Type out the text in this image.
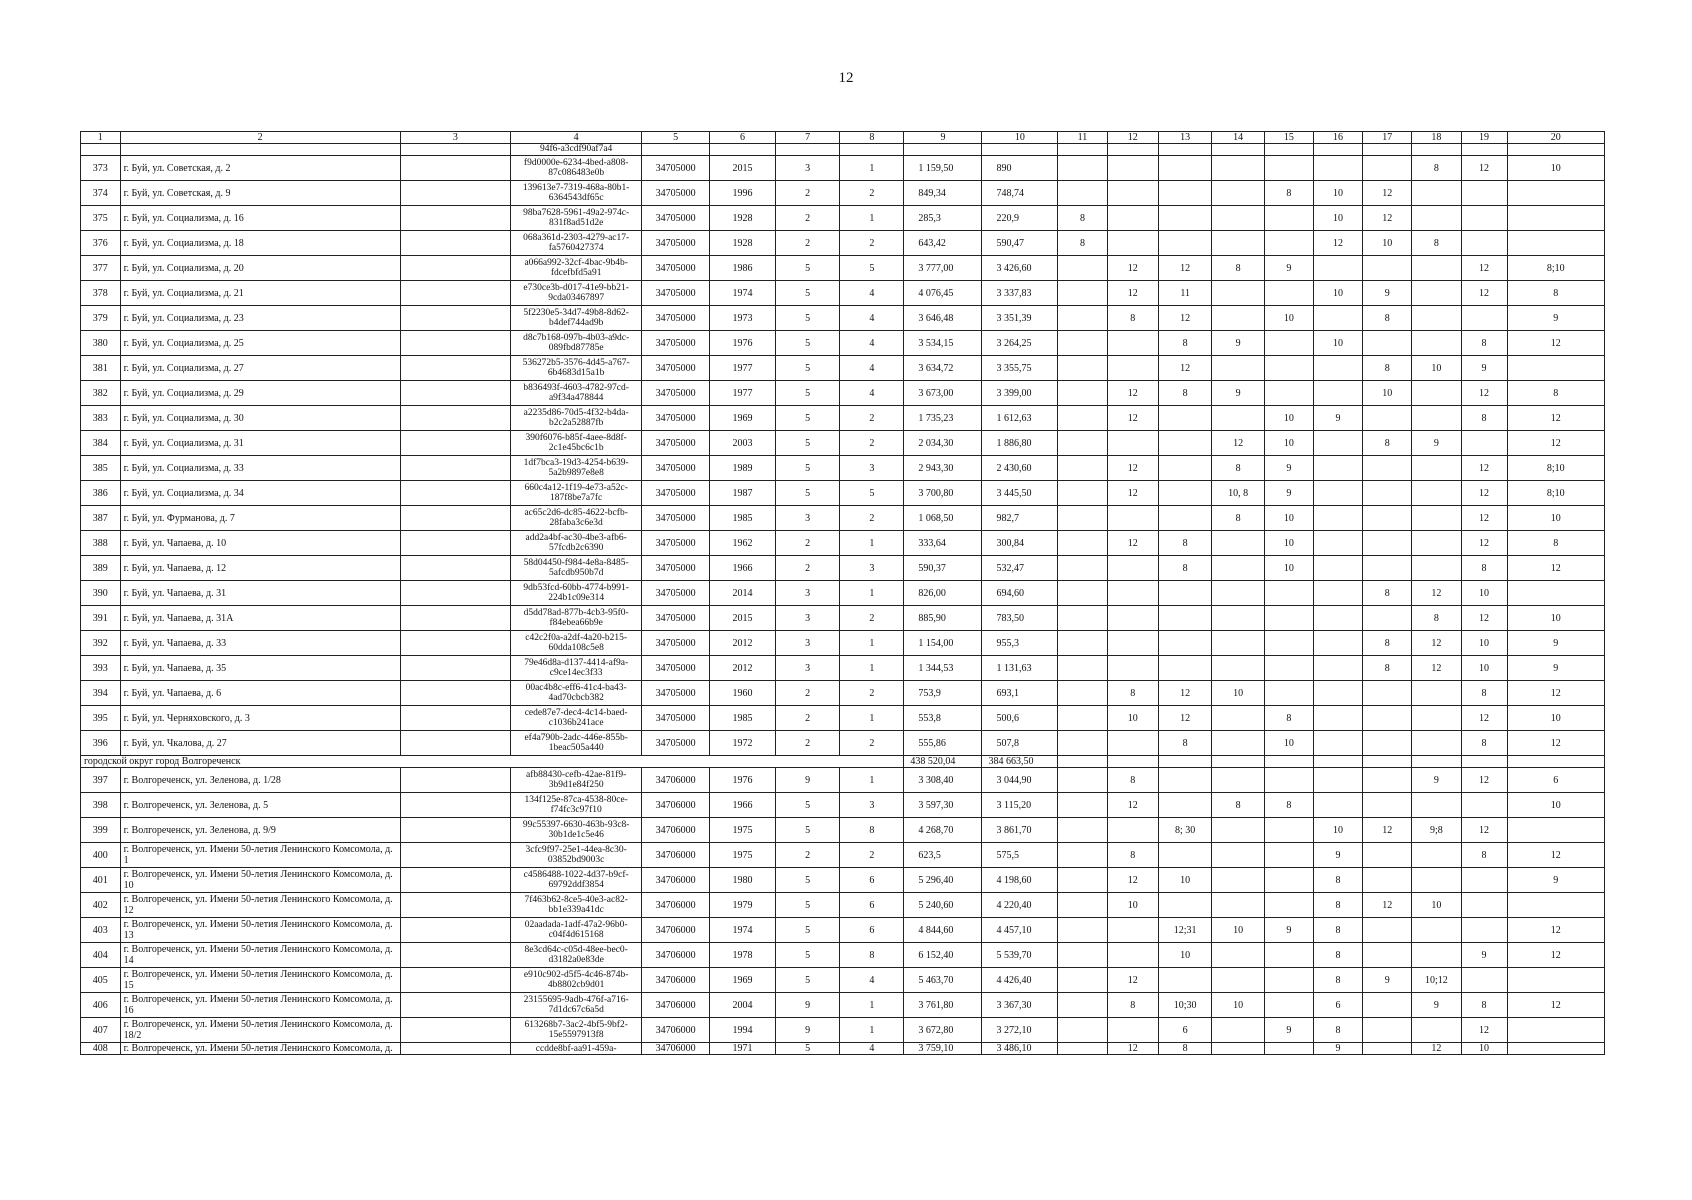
12
1	2	3	4	5	6	7	8	9	10	11	12	13	14	15	16	17	18	19	20
			94f6-a3cdf90af7a4																
373	г. Буй, ул. Советская, д. 2		f9d0000e-6234-4bed-a808-87c086483e0b	34705000	2015	3	1	1 159,50	890								8	12	10
374	г. Буй, ул. Советская, д. 9		139613e7-7319-468a-80b1-6364543df65c	34705000	1996	2	2	849,34	748,74					8	10	12			
375	г. Буй, ул. Социализма, д. 16		98ba7628-5961-49a2-974c-831f8ad51d2e	34705000	1928	2	1	285,3	220,9	8					10	12			
376	г. Буй, ул. Социализма, д. 18		068a361d-2303-4279-ac17-fa5760427374	34705000	1928	2	2	643,42	590,47	8					12	10	8		
377	г. Буй, ул. Социализма, д. 20		a066a992-32cf-4bac-9b4b-fdcefbfd5a91	34705000	1986	5	5	3 777,00	3 426,60		12	12	8	9				12	8;10
378	г. Буй, ул. Социализма, д. 21		e730ce3b-d017-41e9-bb21-9cda03467897	34705000	1974	5	4	4 076,45	3 337,83		12	11			10	9		12	8
379	г. Буй, ул. Социализма, д. 23		5f2230e5-34d7-49b8-8d62-b4def744ad9b	34705000	1973	5	4	3 646,48	3 351,39		8	12		10		8			9
380	г. Буй, ул. Социализма, д. 25		d8c7b168-097b-4b03-a9dc-089fbd87785e	34705000	1976	5	4	3 534,15	3 264,25			8	9		10			8	12
381	г. Буй, ул. Социализма, д. 27		536272b5-3576-4d45-a767-6b4683d15a1b	34705000	1977	5	4	3 634,72	3 355,75			12				8	10	9	
382	г. Буй, ул. Социализма, д. 29		b836493f-4603-4782-97cd-a9f34a478844	34705000	1977	5	4	3 673,00	3 399,00		12	8	9			10		12	8
383	г. Буй, ул. Социализма, д. 30		a2235d86-70d5-4f32-b4da-b2c2a52887fb	34705000	1969	5	2	1 735,23	1 612,63		12			10	9			8	12
384	г. Буй, ул. Социализма, д. 31		390f6076-b85f-4aee-8d8f-2c1e45bc6c1b	34705000	2003	5	2	2 034,30	1 886,80				12	10		8	9		12
385	г. Буй, ул. Социализма, д. 33		1df7bca3-19d3-4254-b639-5a2b9897e8e8	34705000	1989	5	3	2 943,30	2 430,60		12		8	9				12	8;10
386	г. Буй, ул. Социализма, д. 34		660c4a12-1f19-4e73-a52c-187f8be7a7fc	34705000	1987	5	5	3 700,80	3 445,50		12		10, 8	9				12	8;10
387	г. Буй, ул. Фурманова, д. 7		ac65c2d6-dc85-4622-bcfb-28faba3c6e3d	34705000	1985	3	2	1 068,50	982,7				8	10				12	10
388	г. Буй, ул. Чапаева, д. 10		add2a4bf-ac30-4be3-afb6-57fcdb2c6390	34705000	1962	2	1	333,64	300,84		12	8		10				12	8
389	г. Буй, ул. Чапаева, д. 12		58d04450-f984-4e8a-8485-5afcdb950b7d	34705000	1966	2	3	590,37	532,47			8		10				8	12
390	г. Буй, ул. Чапаева, д. 31		9db53fcd-60bb-4774-b991-224b1c09e314	34705000	2014	3	1	826,00	694,60							8	12	10	
391	г. Буй, ул. Чапаева, д. 31А		d5dd78ad-877b-4cb3-95f0-f84ebea66b9e	34705000	2015	3	2	885,90	783,50								8	12	10
392	г. Буй, ул. Чапаева, д. 33		c42c2f0a-a2df-4a20-b215-60dda108c5e8	34705000	2012	3	1	1 154,00	955,3							8	12	10	9
393	г. Буй, ул. Чапаева, д. 35		79e46d8a-d137-4414-af9a-c9ce14ec3f33	34705000	2012	3	1	1 344,53	1 131,63							8	12	10	9
394	г. Буй, ул. Чапаева, д. 6		00ac4b8c-eff6-41c4-ba43-4ad70cbcb382	34705000	1960	2	2	753,9	693,1		8	12	10					8	12
395	г. Буй, ул. Черняховского, д. 3		cede87e7-dec4-4c14-baed-c1036b241ace	34705000	1985	2	1	553,8	500,6		10	12		8				12	10
396	г. Буй, ул. Чкалова, д. 27		ef4a790b-2adc-446e-855b-1beac505a440	34705000	1972	2	2	555,86	507,8			8		10				8	12
городской округ город Волгореченск								438 520,04	384 663,50										
397	г. Волгореченск, ул. Зеленова, д. 1/28		afb88430-cefb-42ae-81f9-3b9d1e84f250	34706000	1976	9	1	3 308,40	3 044,90		8						9	12	6
398	г. Волгореченск, ул. Зеленова, д. 5		134f125e-87ca-4538-80ce-f74fc3c97f10	34706000	1966	5	3	3 597,30	3 115,20		12		8	8					10
399	г. Волгореченск, ул. Зеленова, д. 9/9		99c55397-6630-463b-93c8-30b1de1c5e46	34706000	1975	5	8	4 268,70	3 861,70			8; 30			10	12	9;8	12	
400	г. Волгореченск, ул. Имени 50-летия Ленинского Комсомола, д. 1		3cfc9f97-25e1-44ea-8c30-03852bd9003c	34706000	1975	2	2	623,5	575,5		8				9			8	12
401	г. Волгореченск, ул. Имени 50-летия Ленинского Комсомола, д. 10		c4586488-1022-4d37-b9cf-69792ddf3854	34706000	1980	5	6	5 296,40	4 198,60		12	10			8				9
402	г. Волгореченск, ул. Имени 50-летия Ленинского Комсомола, д. 12		7f463b62-8ce5-40e3-ac82-bb1e339a41dc	34706000	1979	5	6	5 240,60	4 220,40		10				8	12	10		
403	г. Волгореченск, ул. Имени 50-летия Ленинского Комсомола, д. 13		02aadada-1adf-47a2-96b0-c04f4d615168	34706000	1974	5	6	4 844,60	4 457,10			12;31	10	9	8				12
404	г. Волгореченск, ул. Имени 50-летия Ленинского Комсомола, д. 14		8e3cd64c-c05d-48ee-bec0-d3182a0e83de	34706000	1978	5	8	6 152,40	5 539,70			10			8			9	12
405	г. Волгореченск, ул. Имени 50-летия Ленинского Комсомола, д. 15		e910c902-d5f5-4c46-874b-4b8802cb9d01	34706000	1969	5	4	5 463,70	4 426,40		12				8	9	10;12		
406	г. Волгореченск, ул. Имени 50-летия Ленинского Комсомола, д. 16		23155695-9adb-476f-a716-7d1dc67c6a5d	34706000	2004	9	1	3 761,80	3 367,30		8	10;30	10		6		9	8	12
407	г. Волгореченск, ул. Имени 50-летия Ленинского Комсомола, д. 18/2		613268b7-3ac2-4bf5-9bf2-15e5597913f8	34706000	1994	9	1	3 672,80	3 272,10			6		9	8			12	
408	г. Волгореченск, ул. Имени 50-летия Ленинского Комсомола, д.		ccdde8bf-aa91-459a-	34706000	1971	5	4	3 759,10	3 486,10		12	8			9		12	10	
